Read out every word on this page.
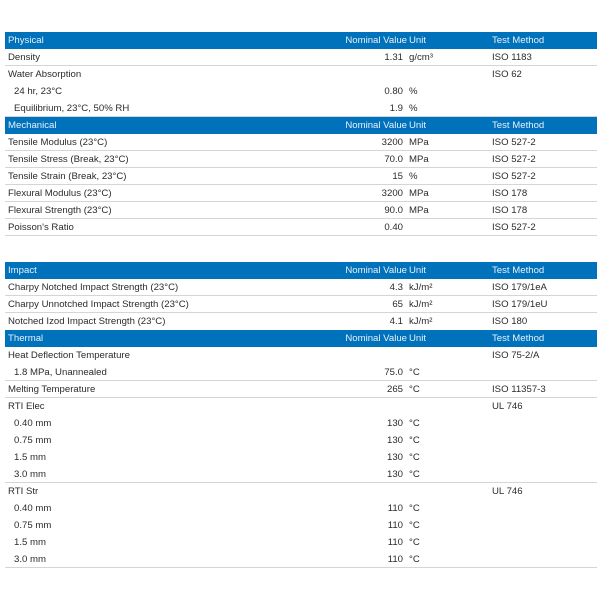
Physical	Nominal Value Unit	Test Method
Density	1.31 g/cm³	ISO 1183
Water Absorption	ISO 62
24 hr, 23°C	0.80 %
Equilibrium, 23°C, 50% RH	1.9 %
Mechanical	Nominal Value Unit	Test Method
Tensile Modulus (23°C)	3200 MPa	ISO 527-2
Tensile Stress (Break, 23°C)	70.0 MPa	ISO 527-2
Tensile Strain (Break, 23°C)	15 %	ISO 527-2
Flexural Modulus (23°C)	3200 MPa	ISO 178
Flexural Strength (23°C)	90.0 MPa	ISO 178
Poisson's Ratio	0.40	ISO 527-2
Impact	Nominal Value Unit	Test Method
Charpy Notched Impact Strength (23°C)	4.3 kJ/m²	ISO 179/1eA
Charpy Unnotched Impact Strength (23°C)	65 kJ/m²	ISO 179/1eU
Notched Izod Impact Strength (23°C)	4.1 kJ/m²	ISO 180
Thermal	Nominal Value Unit	Test Method
Heat Deflection Temperature	ISO 75-2/A
1.8 MPa, Unannealed	75.0 °C
Melting Temperature	265 °C	ISO 11357-3
RTI Elec	UL 746
0.40 mm	130 °C
0.75 mm	130 °C
1.5 mm	130 °C
3.0 mm	130 °C
RTI Str	UL 746
0.40 mm	110 °C
0.75 mm	110 °C
1.5 mm	110 °C
3.0 mm	110 °C
